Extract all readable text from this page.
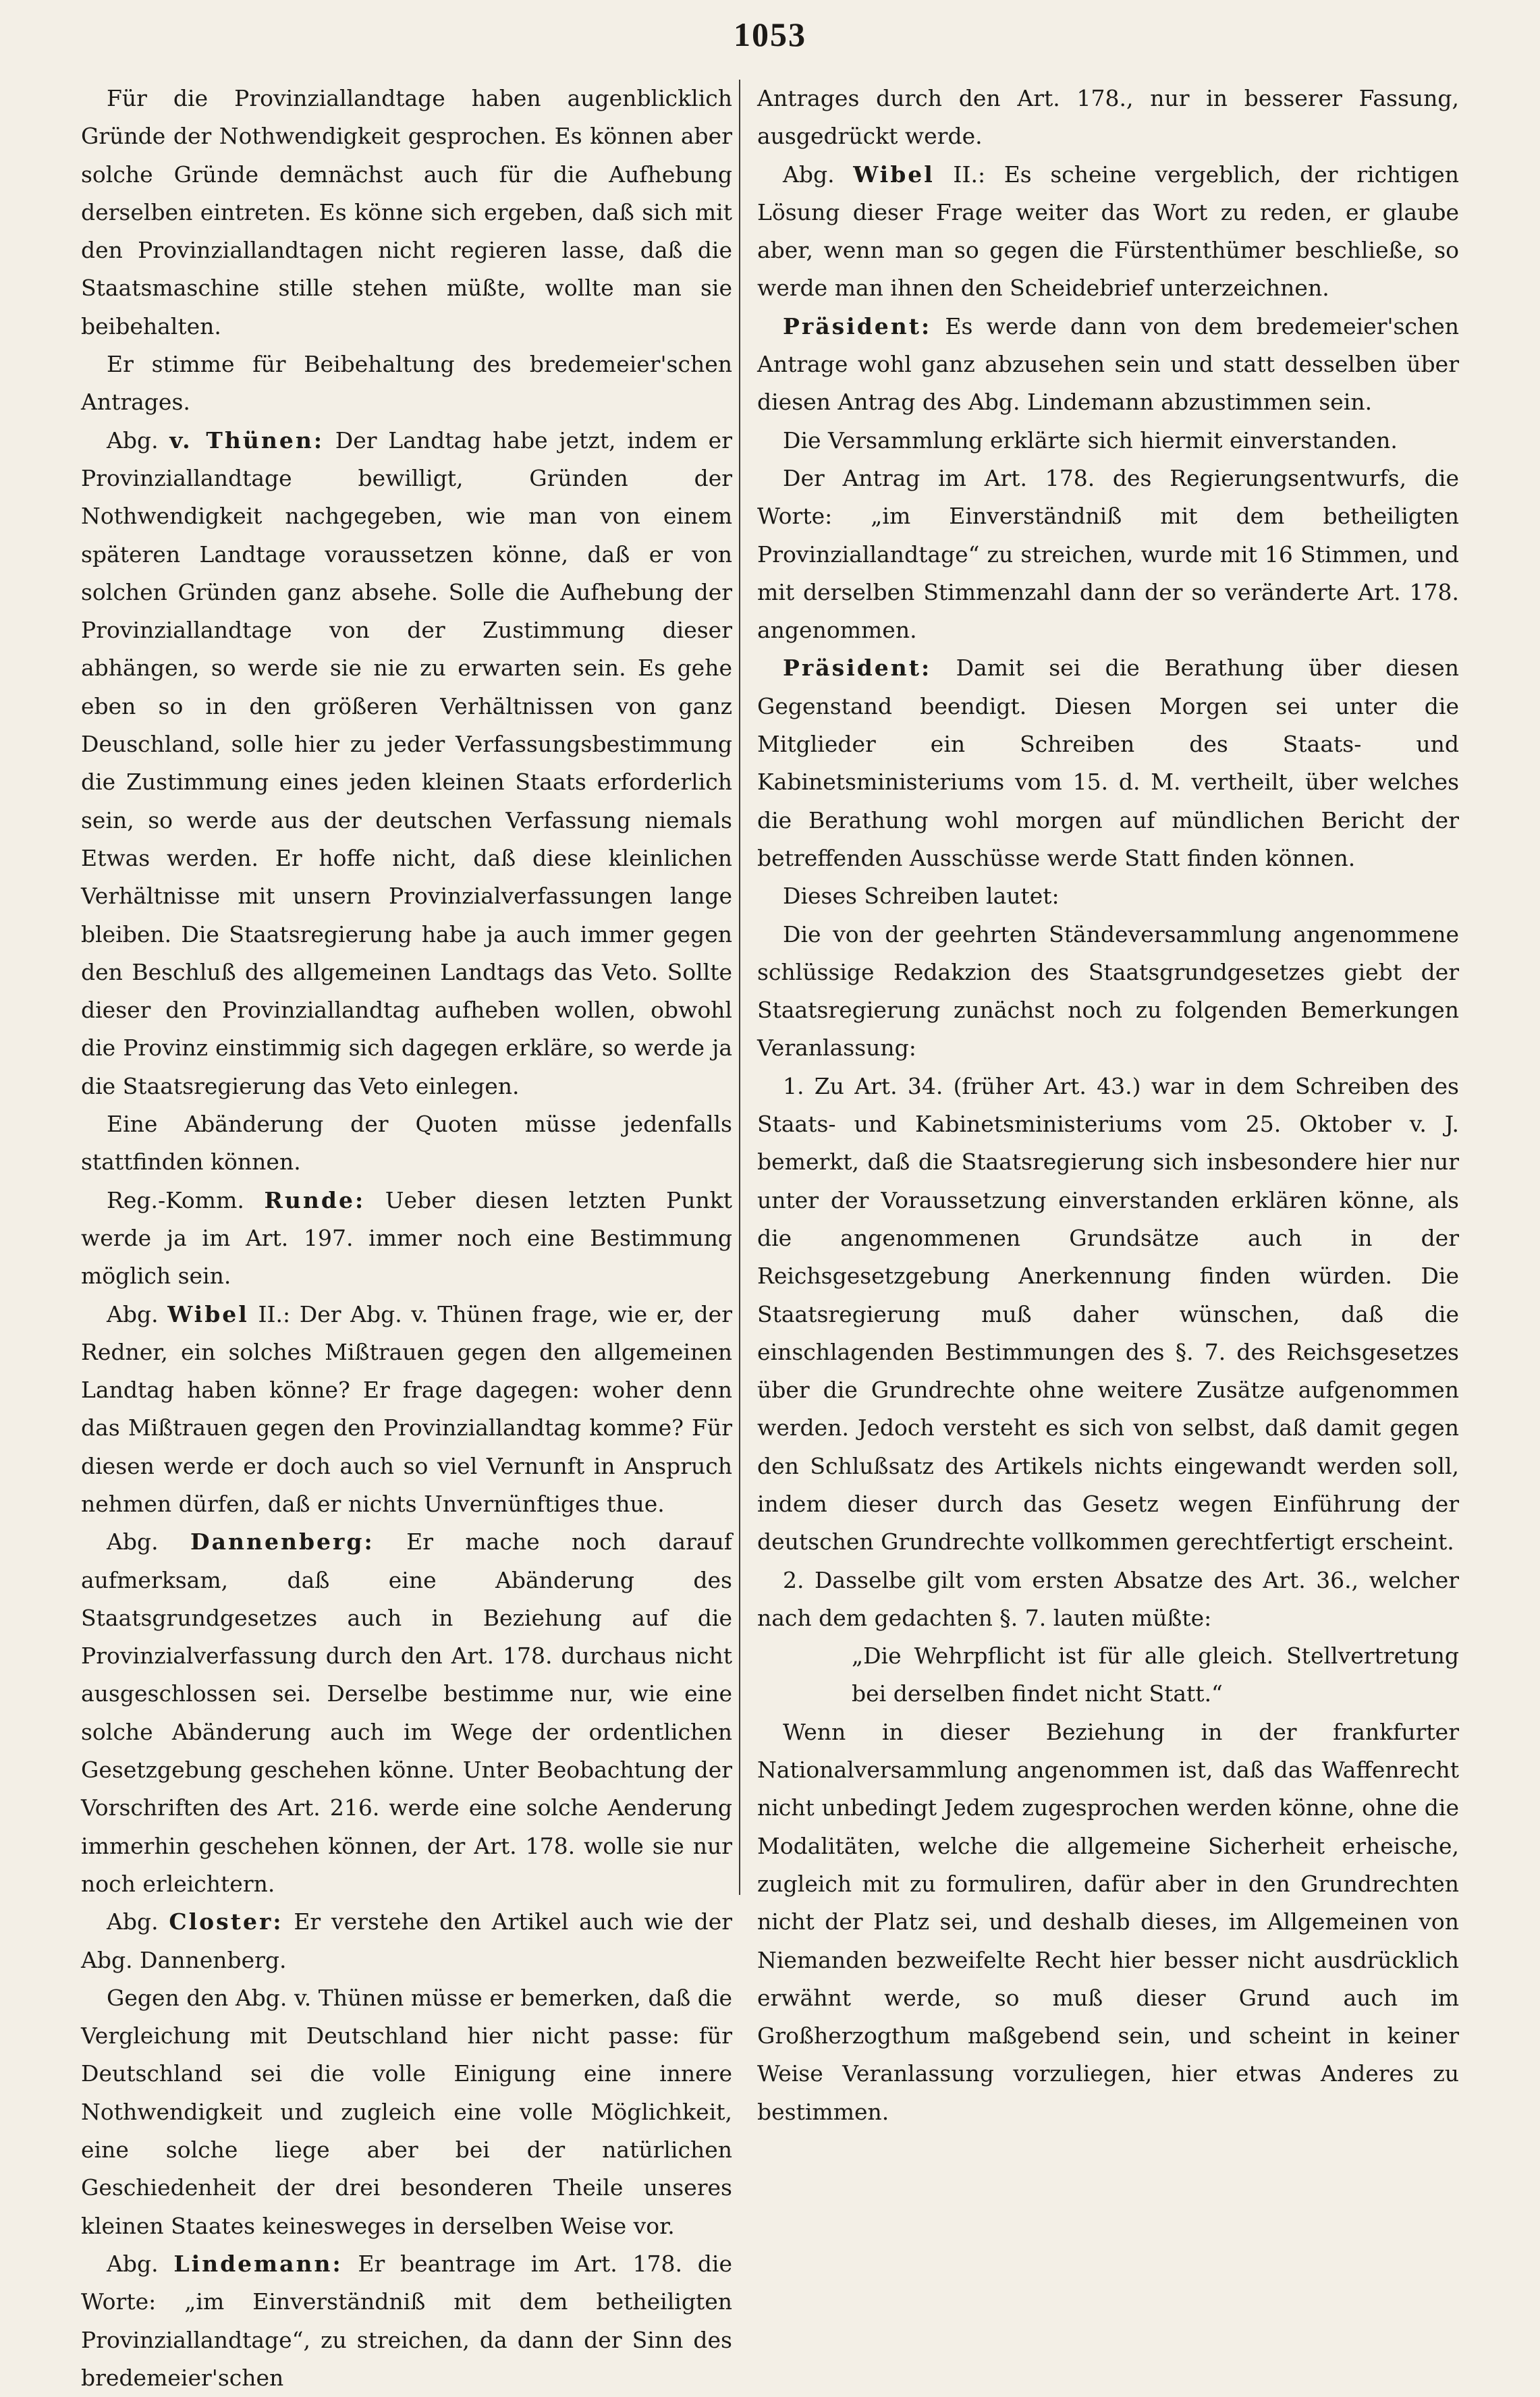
1053

Für die Provinziallandtage haben augenblicklich Gründe der Nothwendigkeit gesprochen. Es können aber solche Gründe demnächst auch für die Aufhebung derselben eintreten. Es könne sich ergeben, daß sich mit den Provinziallandtagen nicht regieren lasse, daß die Staatsmaschine stille stehen müßte, wollte man sie beibehalten.

Er stimme für Beibehaltung des bredemeier'schen Antrages.

Abg. v. Thünen: Der Landtag habe jetzt, indem er Provinziallandtage bewilligt, Gründen der Nothwendigkeit nachgegeben, wie man von einem späteren Landtage voraussetzen könne, daß er von solchen Gründen ganz absehe. Solle die Aufhebung der Provinziallandtage von der Zustimmung dieser abhängen, so werde sie nie zu erwarten sein. Es gehe eben so in den größeren Verhältnissen von ganz Deuschland, solle hier zu jeder Verfassungsbestimmung die Zustimmung eines jeden kleinen Staats erforderlich sein, so werde aus der deutschen Verfassung niemals Etwas werden. Er hoffe nicht, daß diese kleinlichen Verhältnisse mit unsern Provinzialverfassungen lange bleiben. Die Staatsregierung habe ja auch immer gegen den Beschluß des allgemeinen Landtags das Veto. Sollte dieser den Provinziallandtag aufheben wollen, obwohl die Provinz einstimmig sich dagegen erkläre, so werde ja die Staatsregierung das Veto einlegen.

Eine Abänderung der Quoten müsse jedenfalls stattfinden können.

Reg.-Komm. Runde: Ueber diesen letzten Punkt werde ja im Art. 197. immer noch eine Bestimmung möglich sein.

Abg. Wibel II.: Der Abg. v. Thünen frage, wie er, der Redner, ein solches Mißtrauen gegen den allgemeinen Landtag haben könne? Er frage dagegen: woher denn das Mißtrauen gegen den Provinziallandtag komme? Für diesen werde er doch auch so viel Vernunft in Anspruch nehmen dürfen, daß er nichts Unvernünftiges thue.

Abg. Dannenberg: Er mache noch darauf aufmerksam, daß eine Abänderung des Staatsgrundgesetzes auch in Beziehung auf die Provinzialverfassung durch den Art. 178. durchaus nicht ausgeschlossen sei. Derselbe bestimme nur, wie eine solche Abänderung auch im Wege der ordentlichen Gesetzgebung geschehen könne. Unter Beobachtung der Vorschriften des Art. 216. werde eine solche Aenderung immerhin geschehen können, der Art. 178. wolle sie nur noch erleichtern.

Abg. Closter: Er verstehe den Artikel auch wie der Abg. Dannenberg.

Gegen den Abg. v. Thünen müsse er bemerken, daß die Vergleichung mit Deutschland hier nicht passe: für Deutschland sei die volle Einigung eine innere Nothwendigkeit und zugleich eine volle Möglichkeit, eine solche liege aber bei der natürlichen Geschiedenheit der drei besonderen Theile unseres kleinen Staates keinesweges in derselben Weise vor.

Abg. Lindemann: Er beantrage im Art. 178. die Worte: „im Einverständniß mit dem betheiligten Provinziallandtage“, zu streichen, da dann der Sinn des bredemeier'schen

Antrages durch den Art. 178., nur in besserer Fassung, ausgedrückt werde.

Abg. Wibel II.: Es scheine vergeblich, der richtigen Lösung dieser Frage weiter das Wort zu reden, er glaube aber, wenn man so gegen die Fürstenthümer beschließe, so werde man ihnen den Scheidebrief unterzeichnen.

Präsident: Es werde dann von dem bredemeier'schen Antrage wohl ganz abzusehen sein und statt desselben über diesen Antrag des Abg. Lindemann abzustimmen sein.

Die Versammlung erklärte sich hiermit einverstanden.

Der Antrag im Art. 178. des Regierungsentwurfs, die Worte: „im Einverständniß mit dem betheiligten Provinziallandtage“ zu streichen, wurde mit 16 Stimmen, und mit derselben Stimmenzahl dann der so veränderte Art. 178. angenommen.

Präsident: Damit sei die Berathung über diesen Gegenstand beendigt. Diesen Morgen sei unter die Mitglieder ein Schreiben des Staats- und Kabinetsministeriums vom 15. d. M. vertheilt, über welches die Berathung wohl morgen auf mündlichen Bericht der betreffenden Ausschüsse werde Statt finden können.

Dieses Schreiben lautet:

Die von der geehrten Ständeversammlung angenommene schlüssige Redakzion des Staatsgrundgesetzes giebt der Staatsregierung zunächst noch zu folgenden Bemerkungen Veranlassung:

1. Zu Art. 34. (früher Art. 43.) war in dem Schreiben des Staats- und Kabinetsministeriums vom 25. Oktober v. J. bemerkt, daß die Staatsregierung sich insbesondere hier nur unter der Voraussetzung einverstanden erklären könne, als die angenommenen Grundsätze auch in der Reichsgesetzgebung Anerkennung finden würden. Die Staatsregierung muß daher wünschen, daß die einschlagenden Bestimmungen des §. 7. des Reichsgesetzes über die Grundrechte ohne weitere Zusätze aufgenommen werden. Jedoch versteht es sich von selbst, daß damit gegen den Schlußsatz des Artikels nichts eingewandt werden soll, indem dieser durch das Gesetz wegen Einführung der deutschen Grundrechte vollkommen gerechtfertigt erscheint.

2. Dasselbe gilt vom ersten Absatze des Art. 36., welcher nach dem gedachten §. 7. lauten müßte:

„Die Wehrpflicht ist für alle gleich. Stellvertretung bei derselben findet nicht Statt.“

Wenn in dieser Beziehung in der frankfurter Nationalversammlung angenommen ist, daß das Waffenrecht nicht unbedingt Jedem zugesprochen werden könne, ohne die Modalitäten, welche die allgemeine Sicherheit erheische, zugleich mit zu formuliren, dafür aber in den Grundrechten nicht der Platz sei, und deshalb dieses, im Allgemeinen von Niemanden bezweifelte Recht hier besser nicht ausdrücklich erwähnt werde, so muß dieser Grund auch im Großherzogthum maßgebend sein, und scheint in keiner Weise Veranlassung vorzuliegen, hier etwas Anderes zu bestimmen.
